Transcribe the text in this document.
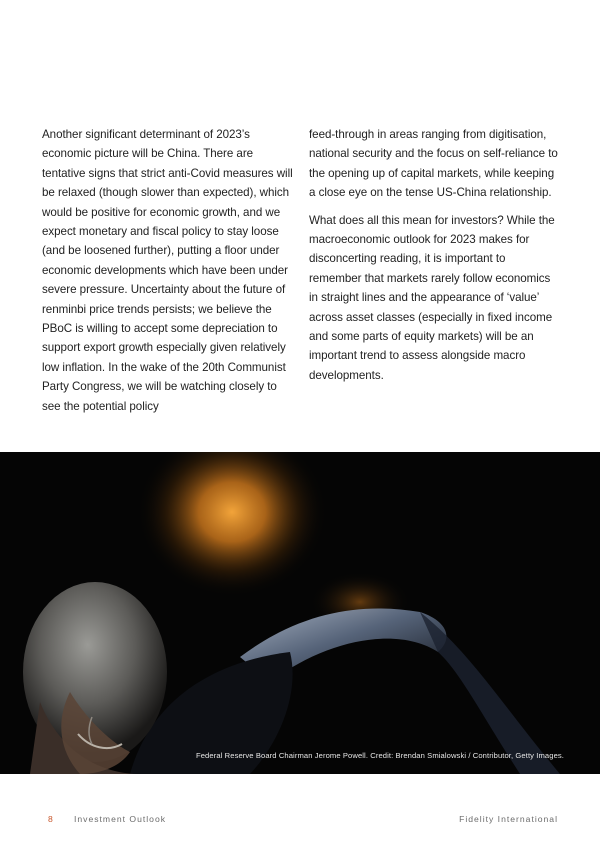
Another significant determinant of 2023’s economic picture will be China. There are tentative signs that strict anti-Covid measures will be relaxed (though slower than expected), which would be positive for economic growth, and we expect monetary and fiscal policy to stay loose (and be loosened further), putting a floor under economic developments which have been under severe pressure. Uncertainty about the future of renminbi price trends persists; we believe the PBoC is willing to accept some depreciation to support export growth especially given relatively low inflation. In the wake of the 20th Communist Party Congress, we will be watching closely to see the potential policy

feed-through in areas ranging from digitisation, national security and the focus on self-reliance to the opening up of capital markets, while keeping a close eye on the tense US-China relationship.

What does all this mean for investors? While the macroeconomic outlook for 2023 makes for disconcerting reading, it is important to remember that markets rarely follow economics in straight lines and the appearance of ‘value’ across asset classes (especially in fixed income and some parts of equity markets) will be an important trend to assess alongside macro developments.

Federal Reserve Board Chairman Jerome Powell. Credit: Brendan Smialowski / Contributor, Getty Images.
8 Investment Outlook	Fidelity International
